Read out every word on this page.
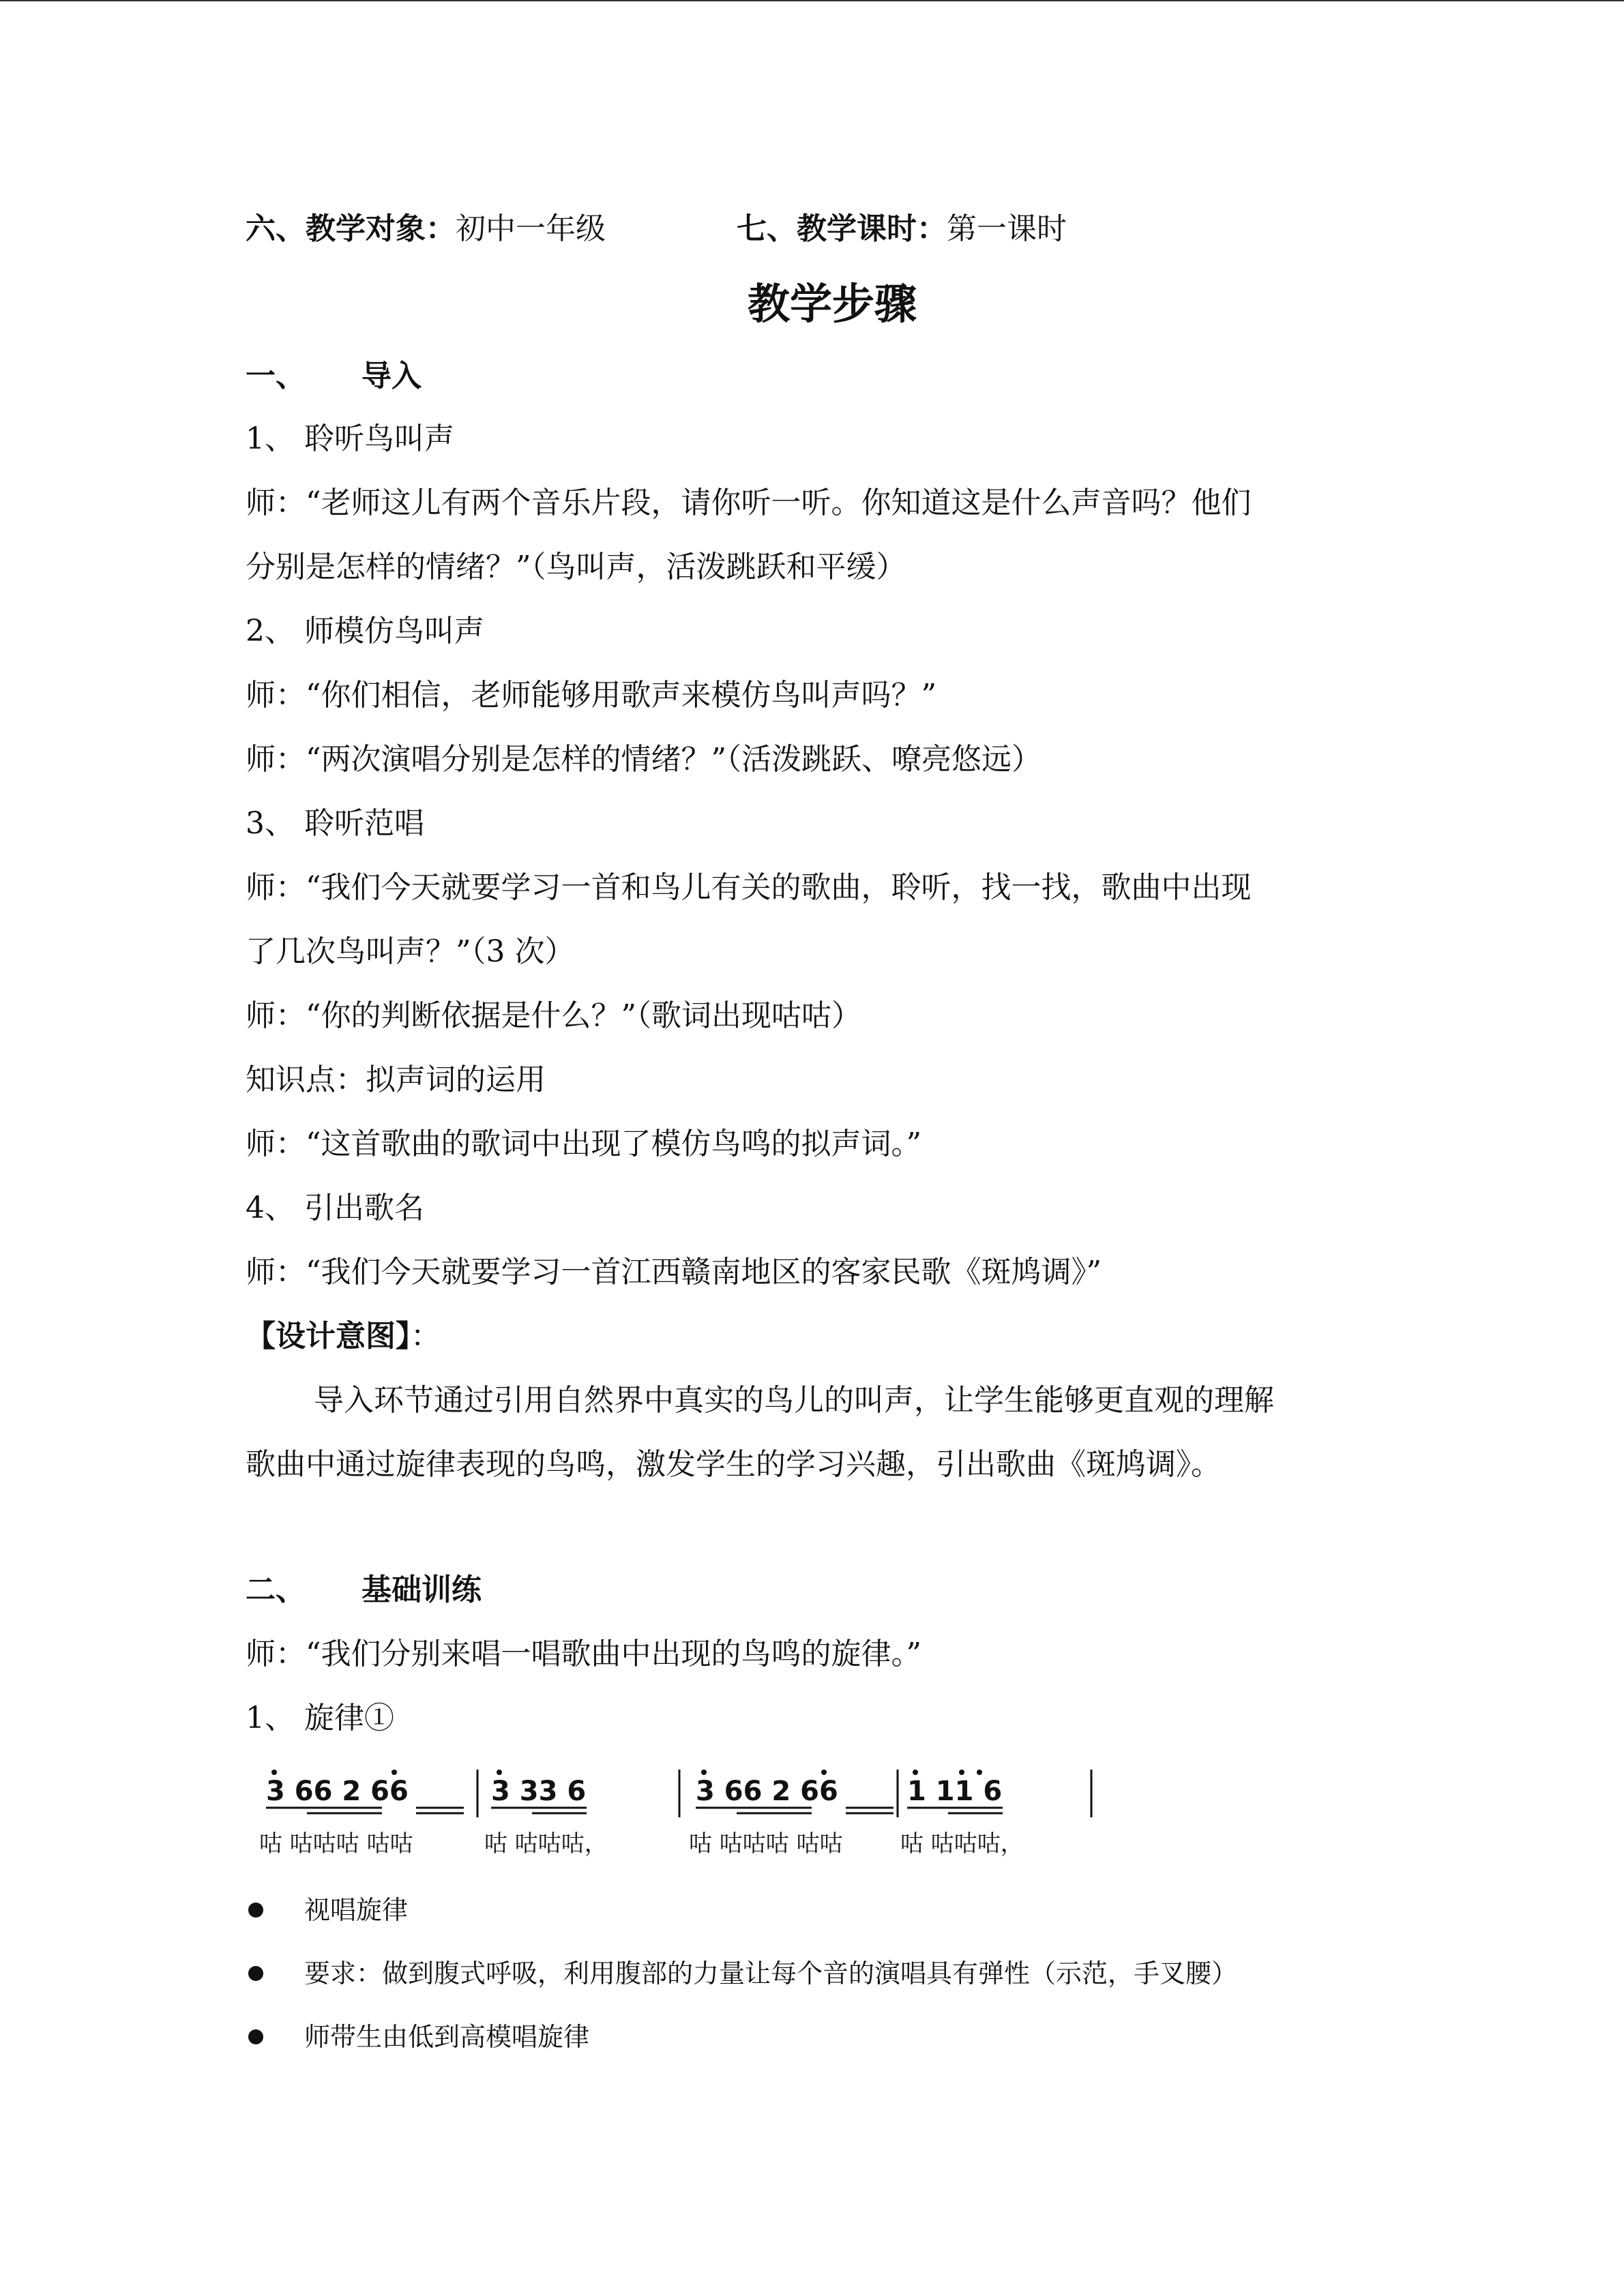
六、教学对象：初中一年级	七、教学课时：第一课时
教学步骤
一、 导入
1、 聆听鸟叫声
师：“老师这儿有两个音乐片段，请你听一听。你知道这是什么声音吗？他们
分别是怎样的情绪？”（鸟叫声，活泼跳跃和平缓）
2、 师模仿鸟叫声
师：“你们相信，老师能够用歌声来模仿鸟叫声吗？”
师：“两次演唱分别是怎样的情绪？”（活泼跳跃、嘹亮悠远）
3、 聆听范唱
师：“我们今天就要学习一首和鸟儿有关的歌曲，聆听，找一找，歌曲中出现
了几次鸟叫声？”（3 次）
师：“你的判断依据是什么？”（歌词出现咕咕）
知识点：拟声词的运用
师：“这首歌曲的歌词中出现了模仿鸟鸣的拟声词。”
4、 引出歌名
师：“我们今天就要学习一首江西赣南地区的客家民歌《斑鸠调》”
【设计意图】：
导入环节通过引用自然界中真实的鸟儿的叫声，让学生能够更直观的理解
歌曲中通过旋律表现的鸟鸣，激发学生的学习兴趣，引出歌曲《斑鸠调》。
二、 基础训练
师：“我们分别来唱一唱歌曲中出现的鸟鸣的旋律。”
1、 旋律①
3 66 2 66	3 33 6	3 66 2 66	1 11 6
咕 咕咕咕 咕咕	咕 咕咕咕，	咕 咕咕咕 咕咕 咕 咕咕咕，
视唱旋律
要求：做到腹式呼吸，利用腹部的力量让每个音的演唱具有弹性（示范，手叉腰）
师带生由低到高模唱旋律
